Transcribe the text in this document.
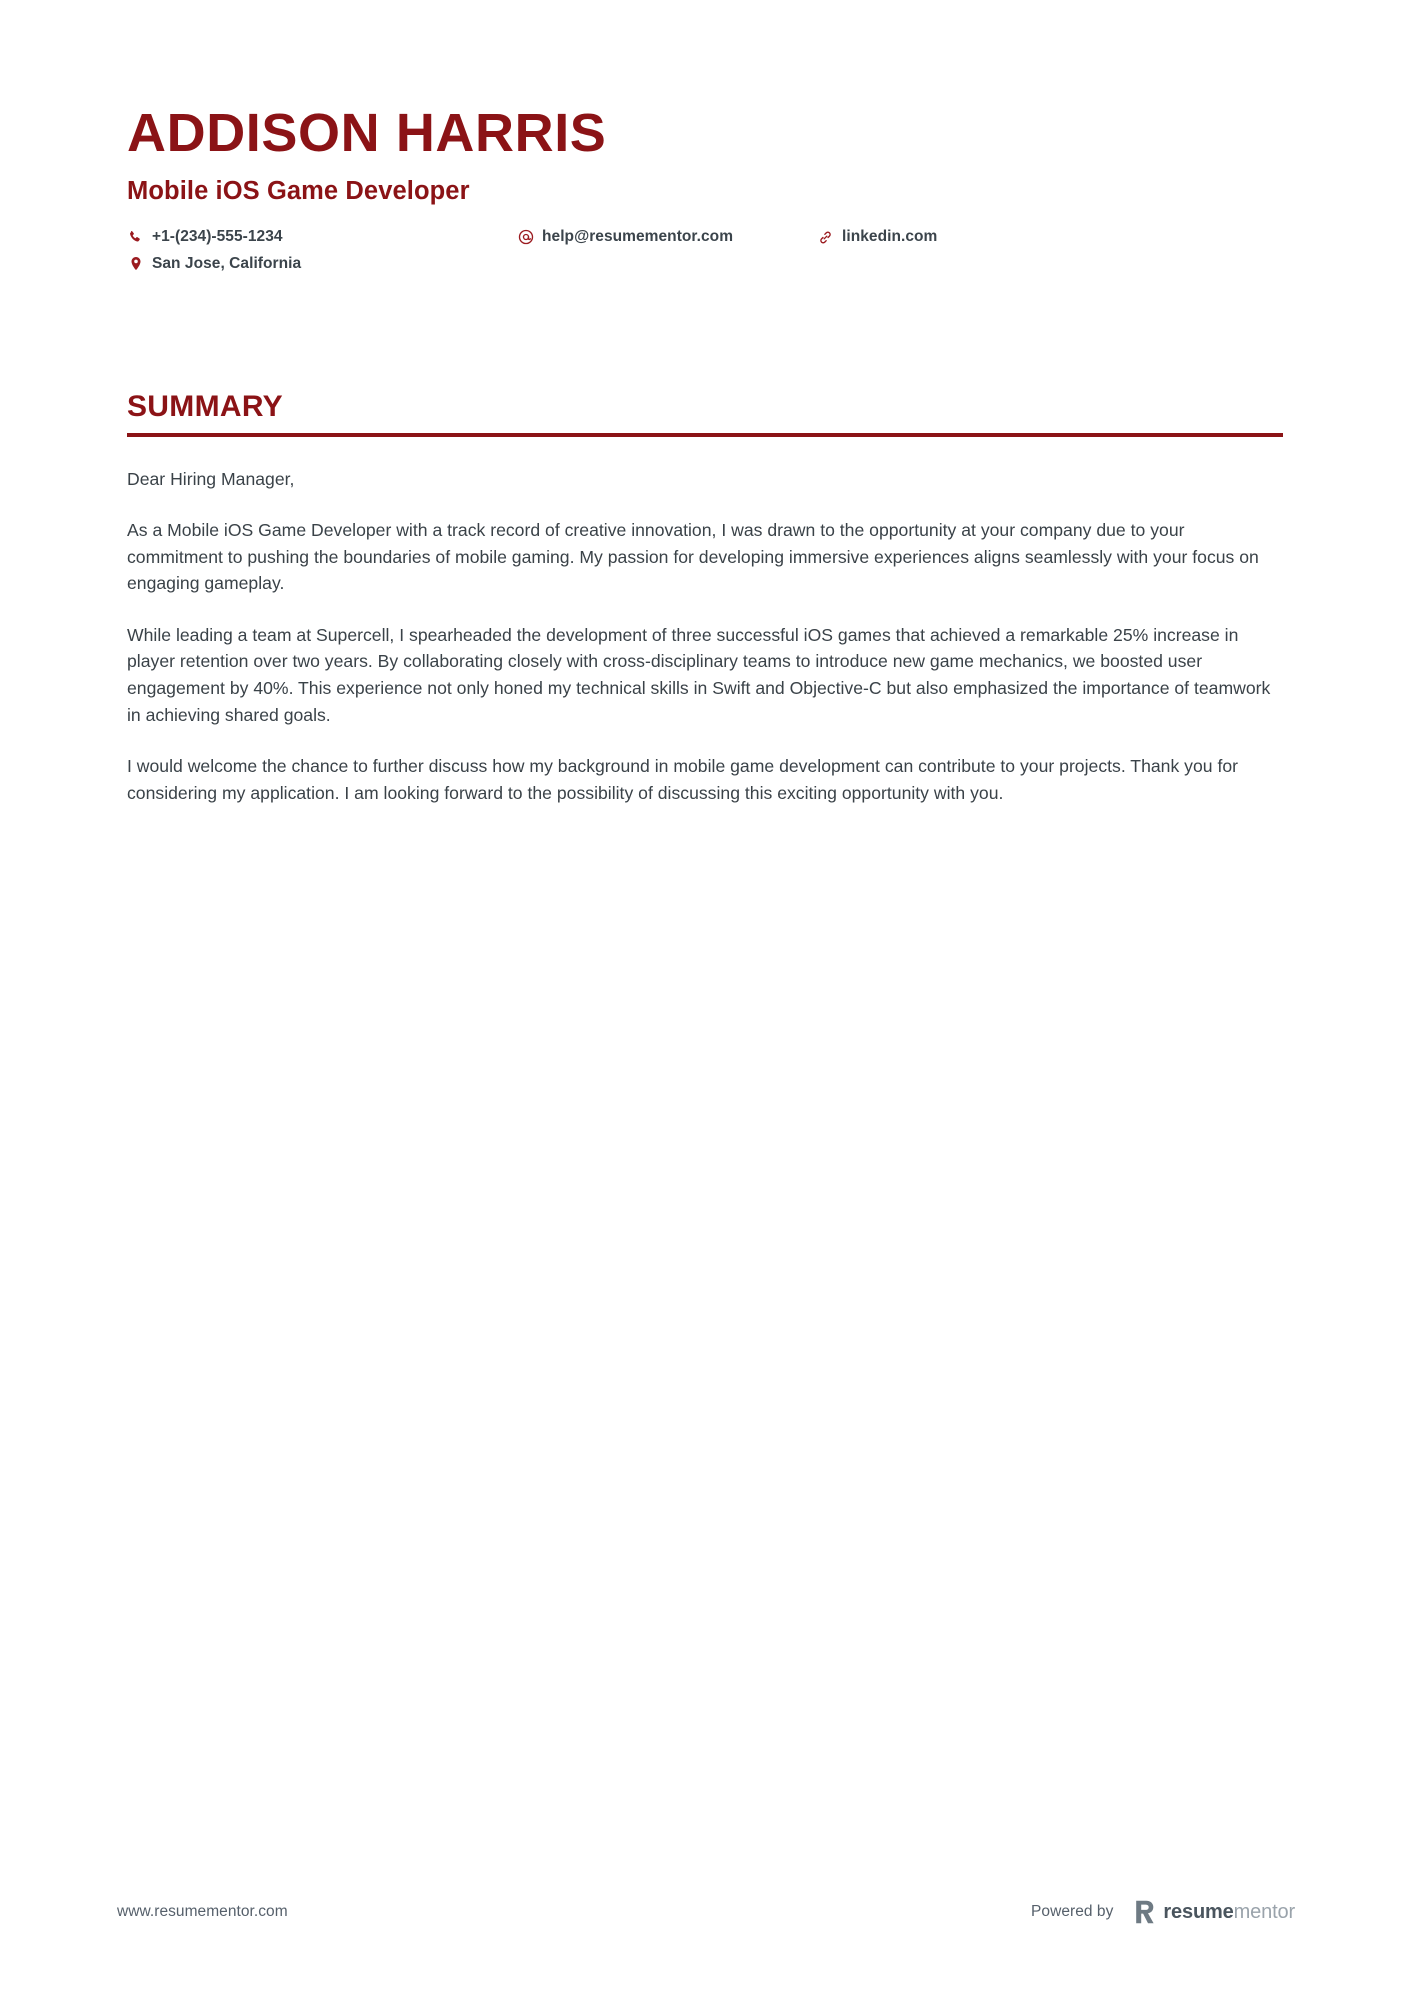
ADDISON HARRIS
Mobile iOS Game Developer
+1-(234)-555-1234	help@resumementor.com	linkedin.com
San Jose, California
SUMMARY

Dear Hiring Manager,

As a Mobile iOS Game Developer with a track record of creative innovation, I was drawn to the opportunity at your company due to your commitment to pushing the boundaries of mobile gaming. My passion for developing immersive experiences aligns seamlessly with your focus on engaging gameplay.

While leading a team at Supercell, I spearheaded the development of three successful iOS games that achieved a remarkable 25% increase in player retention over two years. By collaborating closely with cross-disciplinary teams to introduce new game mechanics, we boosted user engagement by 40%. This experience not only honed my technical skills in Swift and Objective-C but also emphasized the importance of teamwork in achieving shared goals.

I would welcome the chance to further discuss how my background in mobile game development can contribute to your projects. Thank you for considering my application. I am looking forward to the possibility of discussing this exciting opportunity with you.

www.resumementor.com	Powered by	resumementor
